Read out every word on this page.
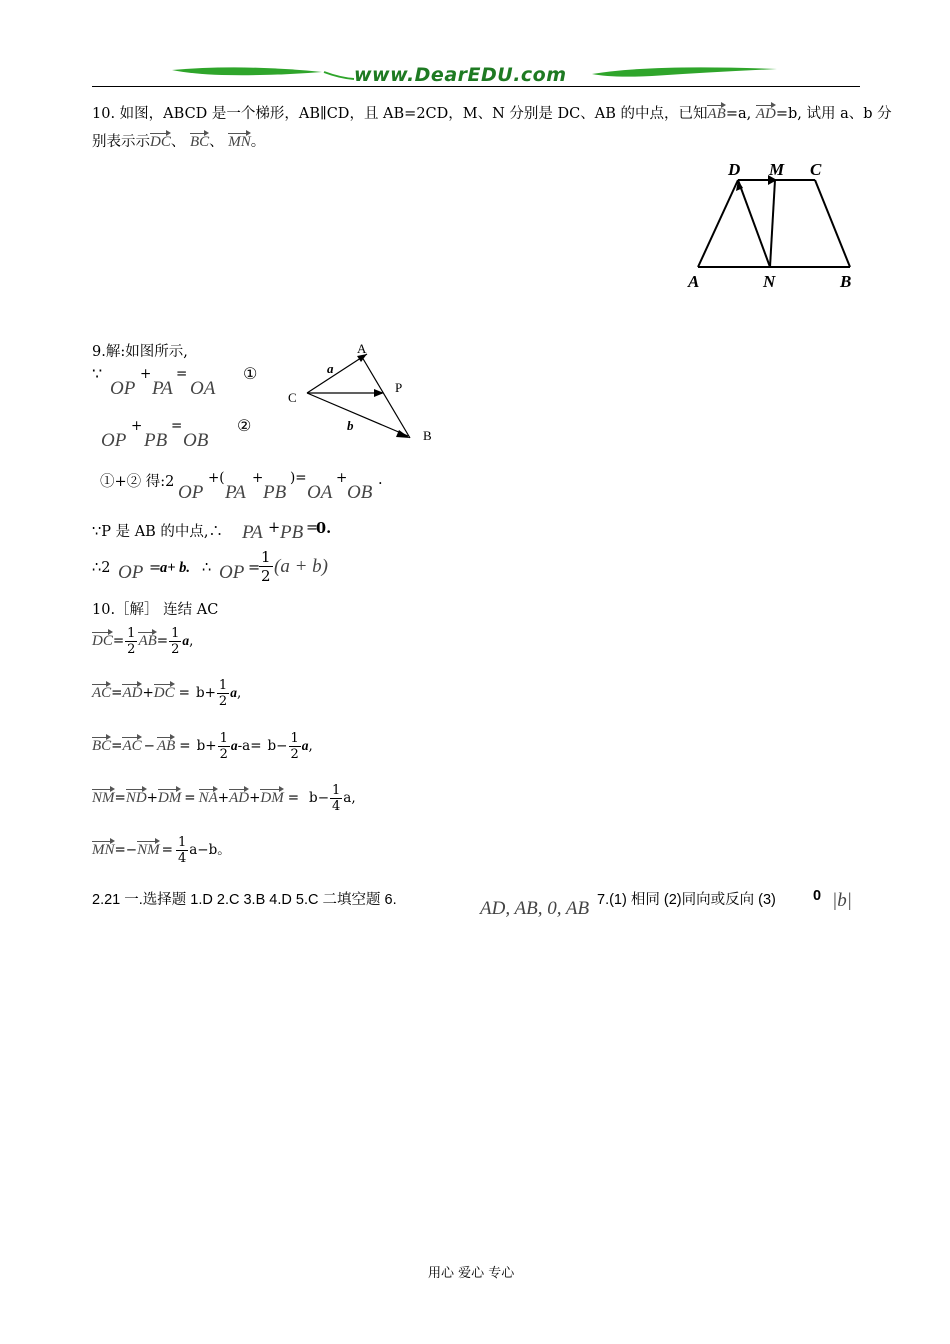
www.DearEDU.com
10. 如图，ABCD 是一个梯形，AB∥CD，且 AB=2CD，M、N 分别是 DC、AB 的中点，已知AB=a, AD=b, 试用 a、b 分
别表示示DC、 BC、 MN。
D M C
A	N	B
9.解:如图所示,
∵
OP
+
PA
=
OA
①
OP
+
PB
=
OB
②
A
P
C
B
a
b
①+② 得:2 OP
+(
PA
+
PB
)=
OA
+
OB
.
∵P 是 AB 的中点,∴ PA + PB =
0.
∴2 OP =
a+ b. ∴ OP =
$\frac{1}{2} (a + b)$
10.［解］ 连结 AC
$DC= \frac{1}{2} AB= \frac{1}{2} a$,
$AC=AD+DC = b+ \frac{1}{2} a$,
BC=AC − AB = $b+ \frac{1}{2} a-a= b- \frac{1}{2} a$,
$NM=ND+DM = NA+AD+DM = b- \frac{1}{4} a$,
$MN=-NM = \frac{1}{4} a-b$。
2.21 一.选择题 1.D 2.C 3.B 4.D 5.C 二填空题 6.	AD, AB, 0, AB 7.(1) 相同 (2)同向或反向 (3)	0 |b|
用心 爱心 专心
